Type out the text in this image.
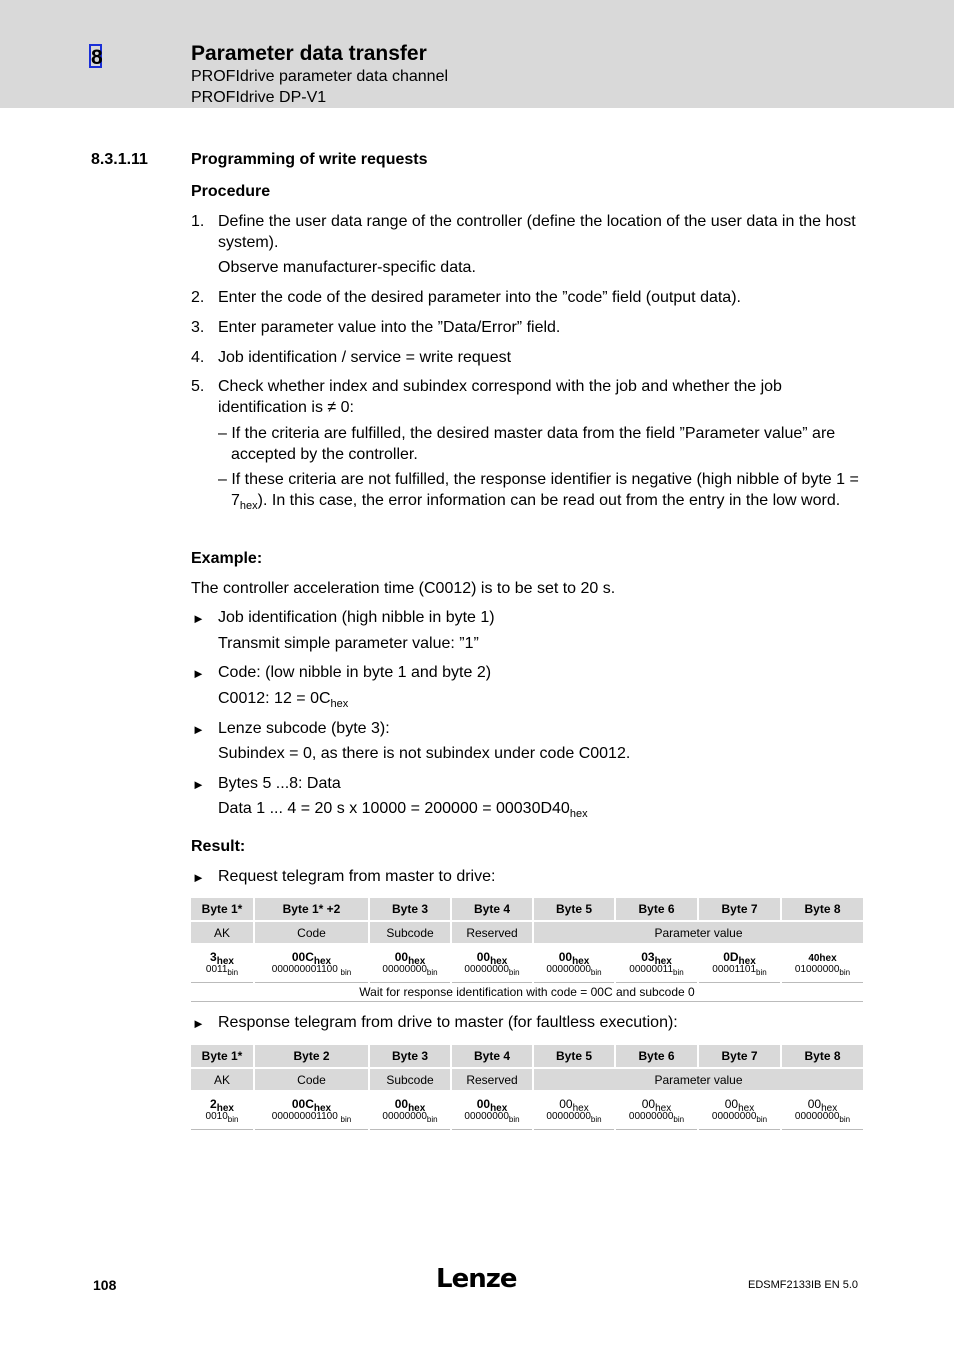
8	Parameter data transfer
PROFIdrive parameter data channel
PROFIdrive DP-V1
8.3.1.11	Programming of write requests
Procedure
1. Define the user data range of the controller (define the location of the user data in the host system).
Observe manufacturer-specific data.
2. Enter the code of the desired parameter into the ”code” field (output data).
3. Enter parameter value into the ”Data/Error” field.
4. Job identification / service = write request
5. Check whether index and subindex correspond with the job and whether the job identification is ≠ 0:
– If the criteria are fulfilled, the desired master data from the field ”Parameter value” are accepted by the controller.
– If these criteria are not fulfilled, the response identifier is negative (high nibble of byte $1 = 7_{hex}$). In this case, the error information can be read out from the entry in the low word.
Example:
The controller acceleration time (C0012) is to be set to 20 s.
► Job identification (high nibble in byte 1)
Transmit simple parameter value: ”1”
► Code: (low nibble in byte 1 and byte 2)
C0012: $12 = 0C_{hex}$
► Lenze subcode (byte 3):
Subindex = 0, as there is not subindex under code C0012.
► Bytes 5 ...8: Data
Data 1 ... 4 = 20 s x $10000 = 200000 = 00030D40_{hex}$
Result:
► Request telegram from master to drive:
Byte 1*	Byte 1* +2	Byte 3	Byte 4	Byte 5	Byte 6	Byte 7	Byte 8
AK	Code	Subcode	Reserved	Parameter value			
$3_{hex}$	$00C_{hex}$	$00_{hex}$	$00_{hex}$	$00_{hex}$	$03_{hex}$	$0D_{hex}$	40hex
$0011_{bin}$	000000001100 $_{bin}$	$00000000_{bin}$	$00000000_{bin}$	$00000000_{bin}$	$00000011_{bin}$	$00001101_{bin}$	$01000000_{bin}$
Wait for response identification with code = 00C and subcode 0							
► Response telegram from drive to master (for faultless execution):
Byte 1*	Byte 2	Byte 3	Byte 4	Byte 5	Byte 6	Byte 7	Byte 8
AK	Code	Subcode	Reserved	Parameter value			
$2_{hex}$	$00C_{hex}$	$00_{hex}$	$00_{hex}$	$00_{hex}$	$00_{hex}$	$00_{hex}$	$00_{hex}$
$0010_{bin}$	000000001100 $_{bin}$	$00000000_{bin}$	$00000000_{bin}$	$00000000_{bin}$	$00000000_{bin}$	$00000000_{bin}$	$00000000_{bin}$
108	Lenze	EDSMF2133IB EN 5.0
